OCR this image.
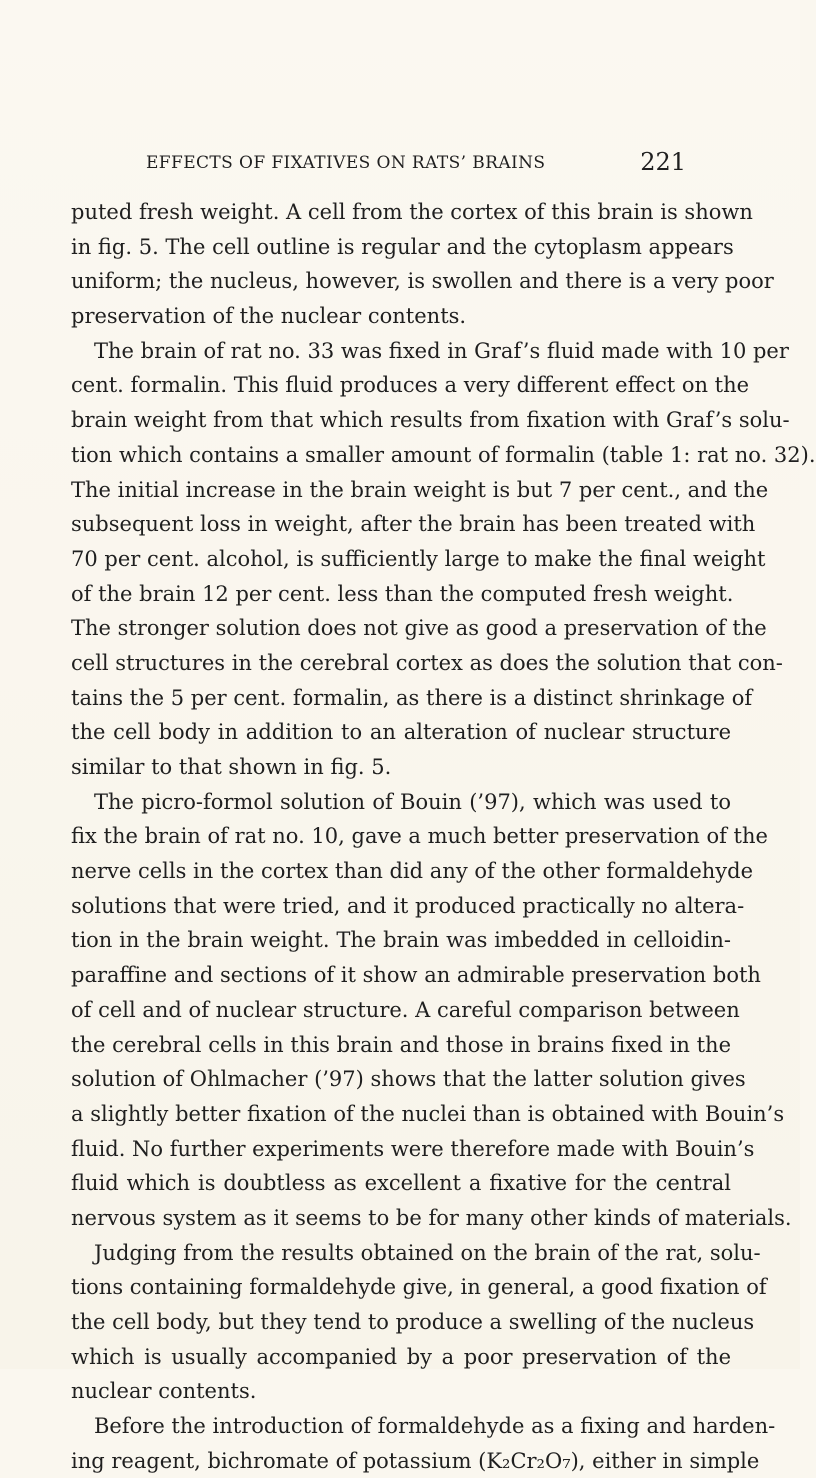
EFFECTS OF FIXATIVES ON RATS’ BRAINS	221
puted fresh weight. A cell from the cortex of this brain is shown
in fig. 5. The cell outline is regular and the cytoplasm appears
uniform; the nucleus, however, is swollen and there is a very poor
preservation of the nuclear contents.
The brain of rat no. 33 was fixed in Graf’s fluid made with 10 per
cent. formalin. This fluid produces a very different effect on the
brain weight from that which results from fixation with Graf’s solu-
tion which contains a smaller amount of formalin (table 1: rat no. 32).
The initial increase in the brain weight is but 7 per cent., and the
subsequent loss in weight, after the brain has been treated with
70 per cent. alcohol, is sufficiently large to make the final weight
of the brain 12 per cent. less than the computed fresh weight.
The stronger solution does not give as good a preservation of the
cell structures in the cerebral cortex as does the solution that con-
tains the 5 per cent. formalin, as there is a distinct shrinkage of
the cell body in addition to an alteration of nuclear structure
similar to that shown in fig. 5.
The picro-formol solution of Bouin (’97), which was used to
fix the brain of rat no. 10, gave a much better preservation of the
nerve cells in the cortex than did any of the other formaldehyde
solutions that were tried, and it produced practically no altera-
tion in the brain weight. The brain was imbedded in celloidin-
paraffine and sections of it show an admirable preservation both
of cell and of nuclear structure. A careful comparison between
the cerebral cells in this brain and those in brains fixed in the
solution of Ohlmacher (’97) shows that the latter solution gives
a slightly better fixation of the nuclei than is obtained with Bouin’s
fluid. No further experiments were therefore made with Bouin’s
fluid which is doubtless as excellent a fixative for the central
nervous system as it seems to be for many other kinds of materials.
Judging from the results obtained on the brain of the rat, solu-
tions containing formaldehyde give, in general, a good fixation of
the cell body, but they tend to produce a swelling of the nucleus
which is usually accompanied by a poor preservation of the
nuclear contents.
Before the introduction of formaldehyde as a fixing and harden-
ing reagent, bichromate of potassium (K₂Cr₂O₇), either in simple
